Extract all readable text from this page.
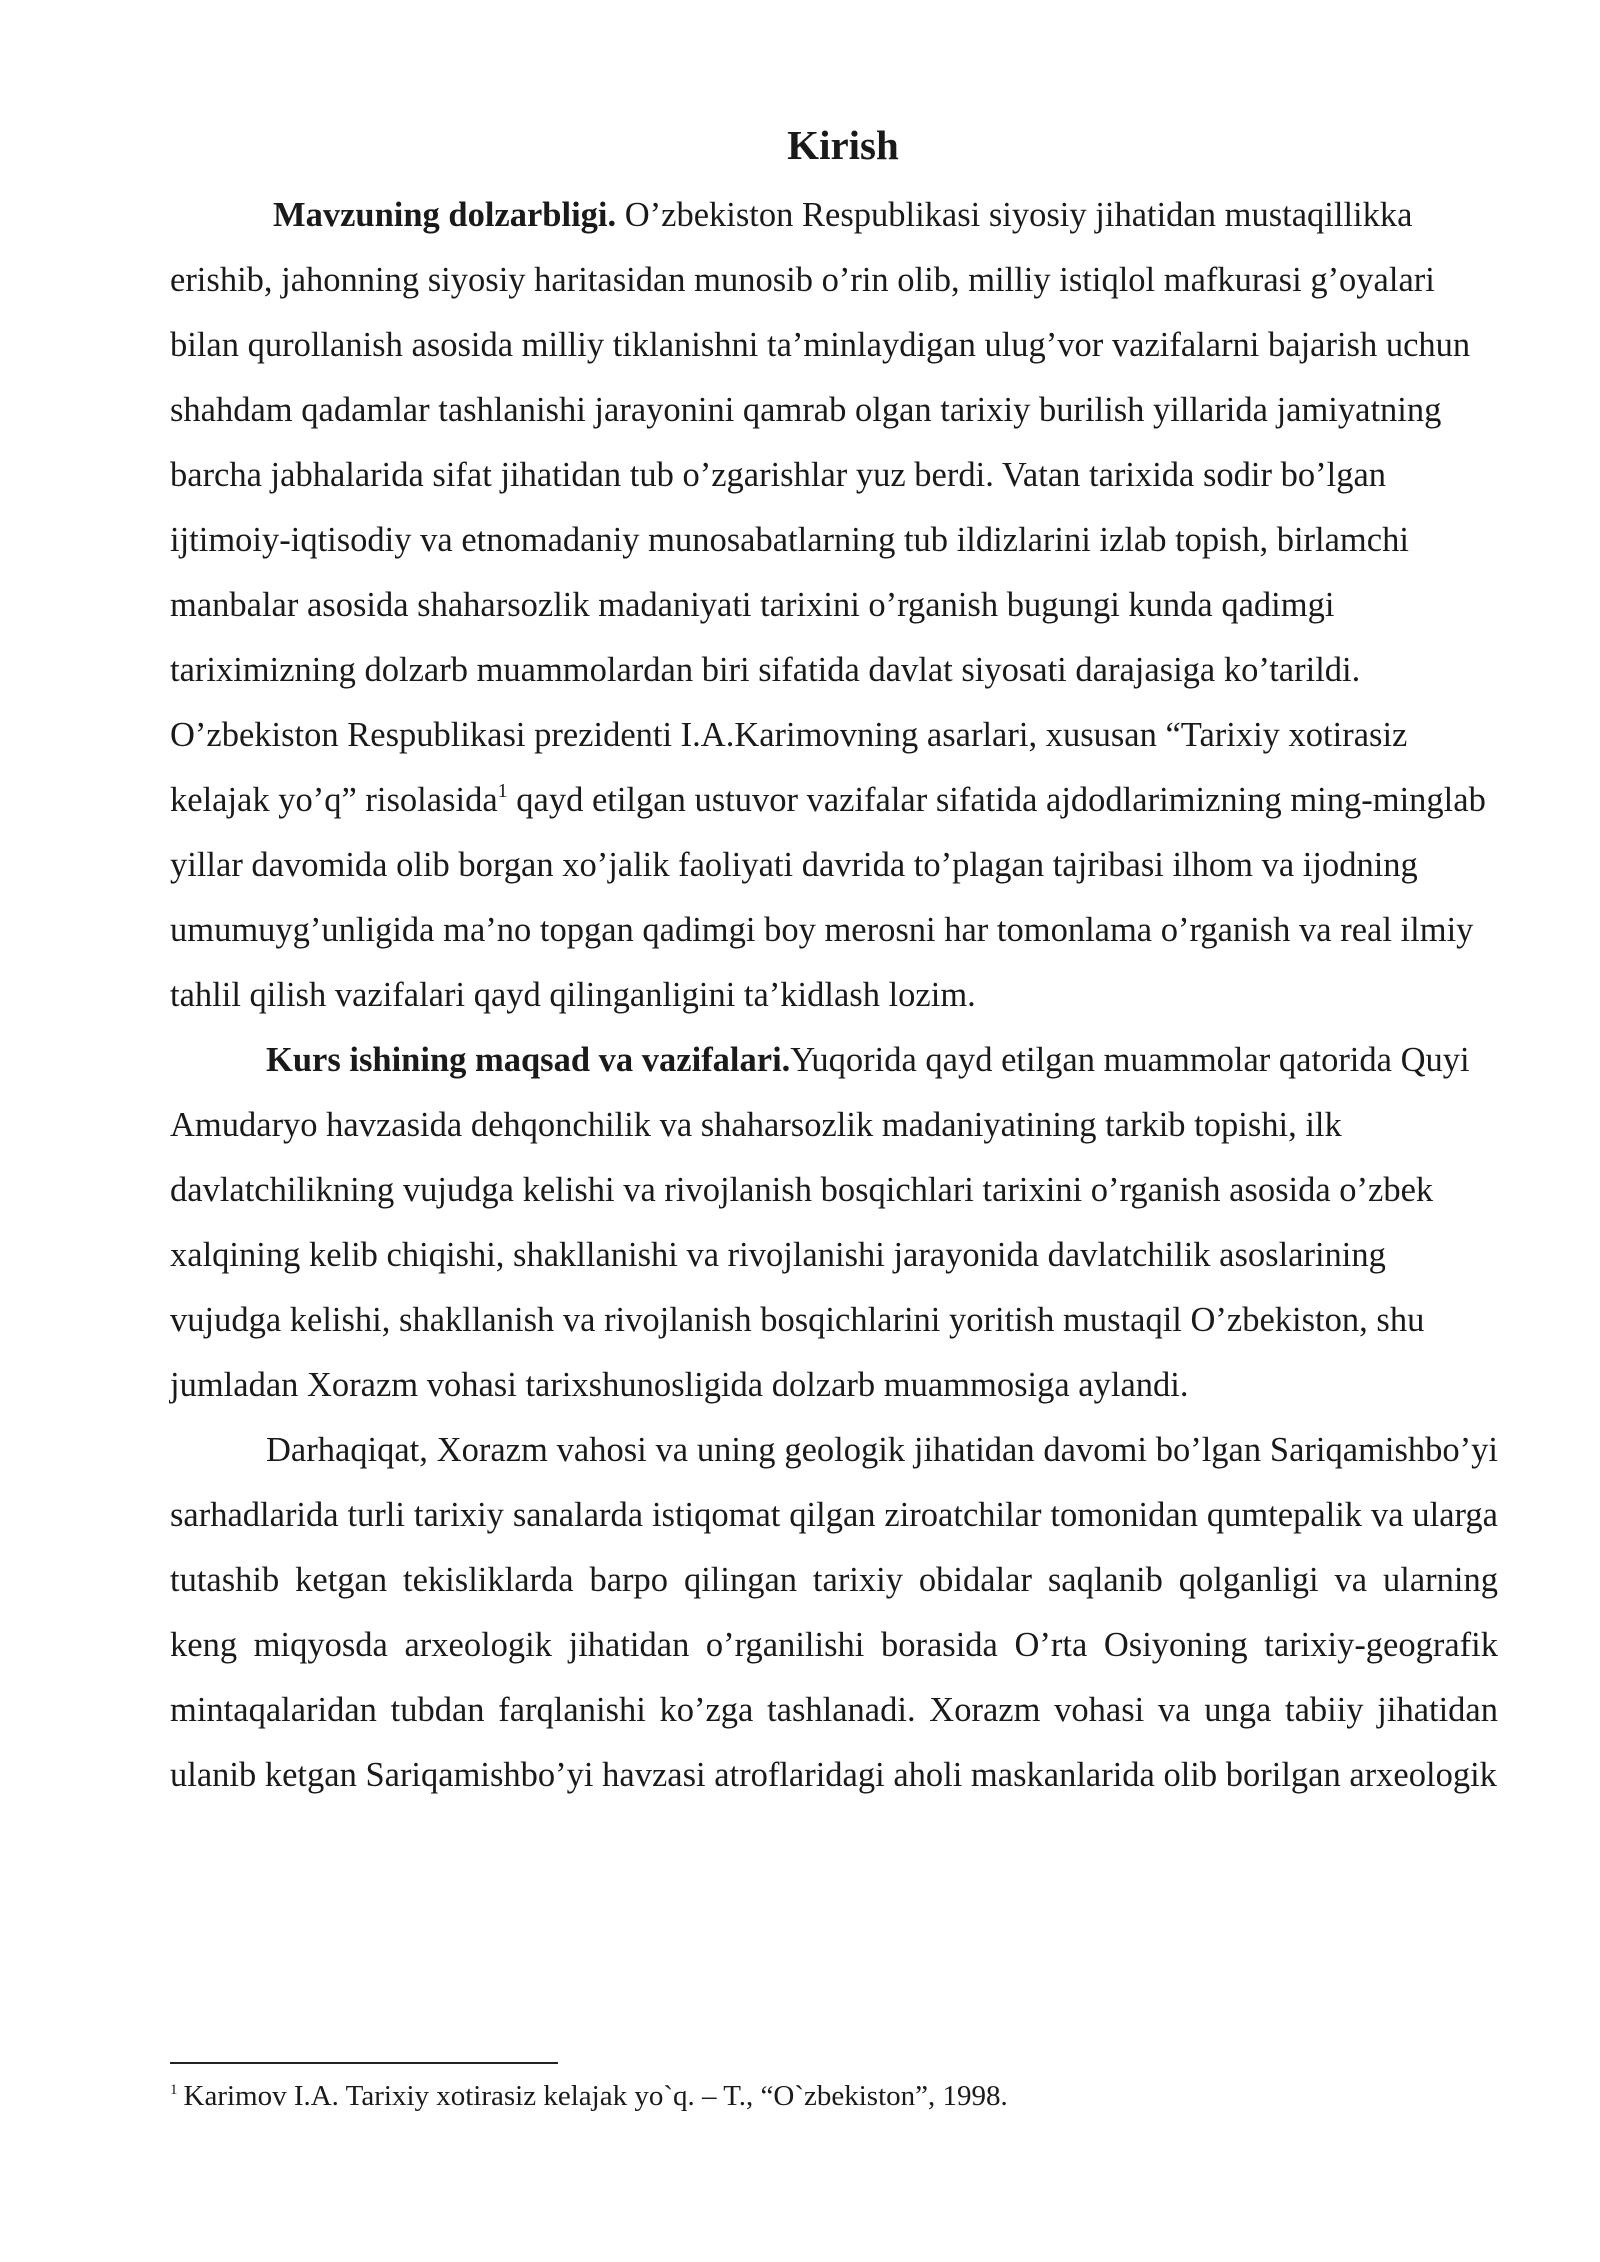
Kirish

Mavzuning dolzarbligi. O’zbekiston Respublikasi siyosiy jihatidan mustaqillikka erishib, jahonning siyosiy haritasidan munosib o’rin olib, milliy istiqlol mafkurasi g’oyalari bilan qurollanish asosida milliy tiklanishni ta’minlaydigan ulug’vor vazifalarni bajarish uchun shahdam qadamlar tashlanishi jarayonini qamrab olgan tarixiy burilish yillarida jamiyatning barcha jabhalarida sifat jihatidan tub o’zgarishlar yuz berdi. Vatan tarixida sodir bo’lgan ijtimoiy-iqtisodiy va etnomadaniy munosabatlarning tub ildizlarini izlab topish, birlamchi manbalar asosida shaharsozlik madaniyati tarixini o’rganish bugungi kunda qadimgi tariximizning dolzarb muammolardan biri sifatida davlat siyosati darajasiga ko’tarildi. O’zbekiston Respublikasi prezidenti I.A.Karimovning asarlari, xususan “Tarixiy xotirasiz kelajak yo’q” risolasida$^1$ qayd etilgan ustuvor vazifalar sifatida ajdodlarimizning ming-minglab yillar davomida olib borgan xo’jalik faoliyati davrida to’plagan tajribasi ilhom va ijodning umumuyg’unligida ma’no topgan qadimgi boy merosni har tomonlama o’rganish va real ilmiy tahlil qilish vazifalari qayd qilinganligini ta’kidlash lozim.

Kurs ishining maqsad va vazifalari.Yuqorida qayd etilgan muammolar qatorida Quyi Amudaryo havzasida dehqonchilik va shaharsozlik madaniyatining tarkib topishi, ilk davlatchilikning vujudga kelishi va rivojlanish bosqichlari tarixini o’rganish asosida o’zbek xalqining kelib chiqishi, shakllanishi va rivojlanishi jarayonida davlatchilik asoslarining vujudga kelishi, shakllanish va rivojlanish bosqichlarini yoritish mustaqil O’zbekiston, shu jumladan Xorazm vohasi tarixshunosligida dolzarb muammosiga aylandi.

Darhaqiqat, Xorazm vahosi va uning geologik jihatidan davomi bo’lgan Sariqamishbo’yi sarhadlarida turli tarixiy sanalarda istiqomat qilgan ziroatchilar tomonidan qumtepalik va ularga tutashib ketgan tekisliklarda barpo qilingan tarixiy obidalar saqlanib qolganligi va ularning keng miqyosda arxeologik jihatidan o’rganilishi borasida O’rta Osiyoning tarixiy-geografik mintaqalaridan tubdan farqlanishi ko’zga tashlanadi. Xorazm vohasi va unga tabiiy jihatidan ulanib ketgan Sariqamishbo’yi havzasi atroflaridagi aholi maskanlarida olib borilgan arxeologik

$^1$ Karimov I.A. Tarixiy xotirasiz kelajak yo`q. – T., “O`zbekiston”, 1998.
